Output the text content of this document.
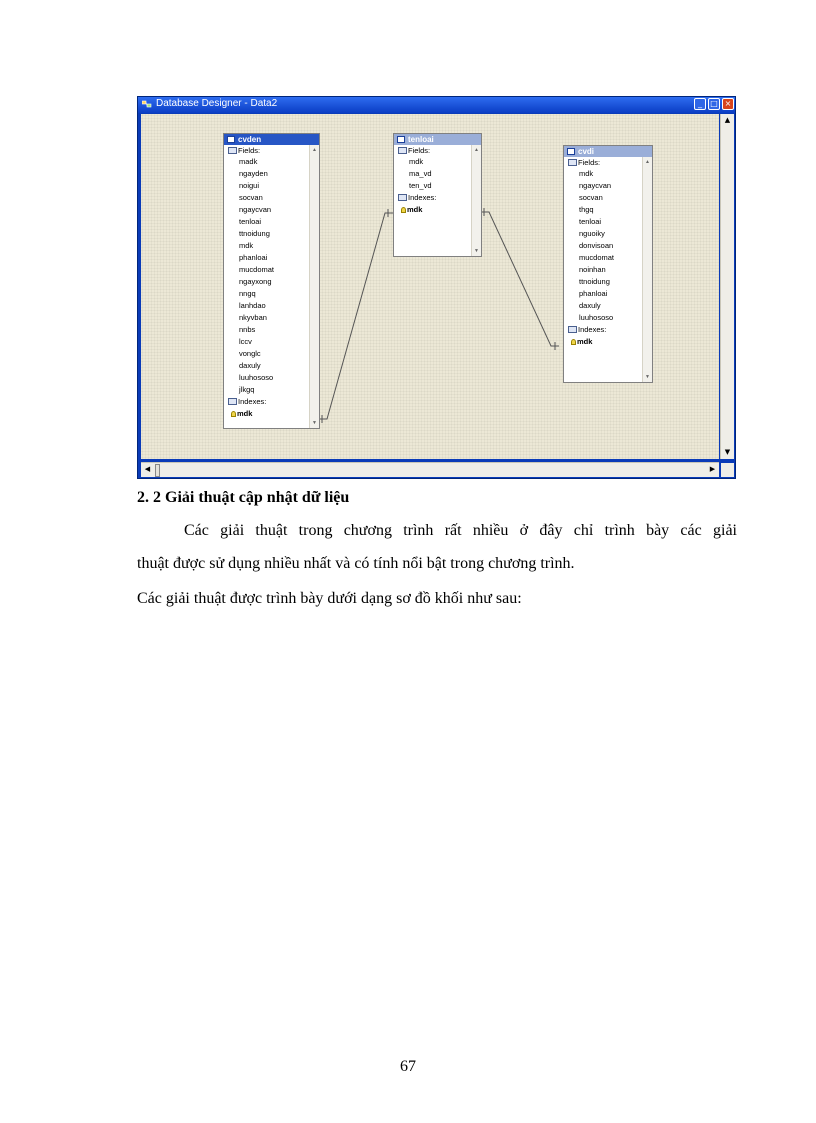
Database Designer - Data2	_	□ ×
cvden
Fields:
madk
ngayden
noigui
socvan
ngaycvan
tenloai
ttnoidung
mdk
phanloai
mucdomat
ngayxong
nngq
lanhdao
nkyvban
nnbs
lccv
vonglc
daxuly
luuhososo
jlkgq
Indexes:
mdk
▲
▼
tenloai
Fields:
mdk
ma_vd
ten_vd
Indexes:
mdk
▲
▼
cvdi
Fields:
mdk
ngaycvan
socvan
thgq
tenloai
nguoiky
donvisoan
mucdomat
noinhan
ttnoidung
phanloai
daxuly
luuhososo
Indexes:
mdk
▲
▼
▲
▼
◀	▶
2. 2 Giải thuật cập nhật dữ liệu
Các giải thuật trong chương trình rất nhiều ở đây chỉ trình bày các giải
thuật được sử dụng nhiều nhất và có tính nổi bật trong chương trình.
Các giải thuật được trình bày dưới dạng sơ đồ khối như sau:
67
